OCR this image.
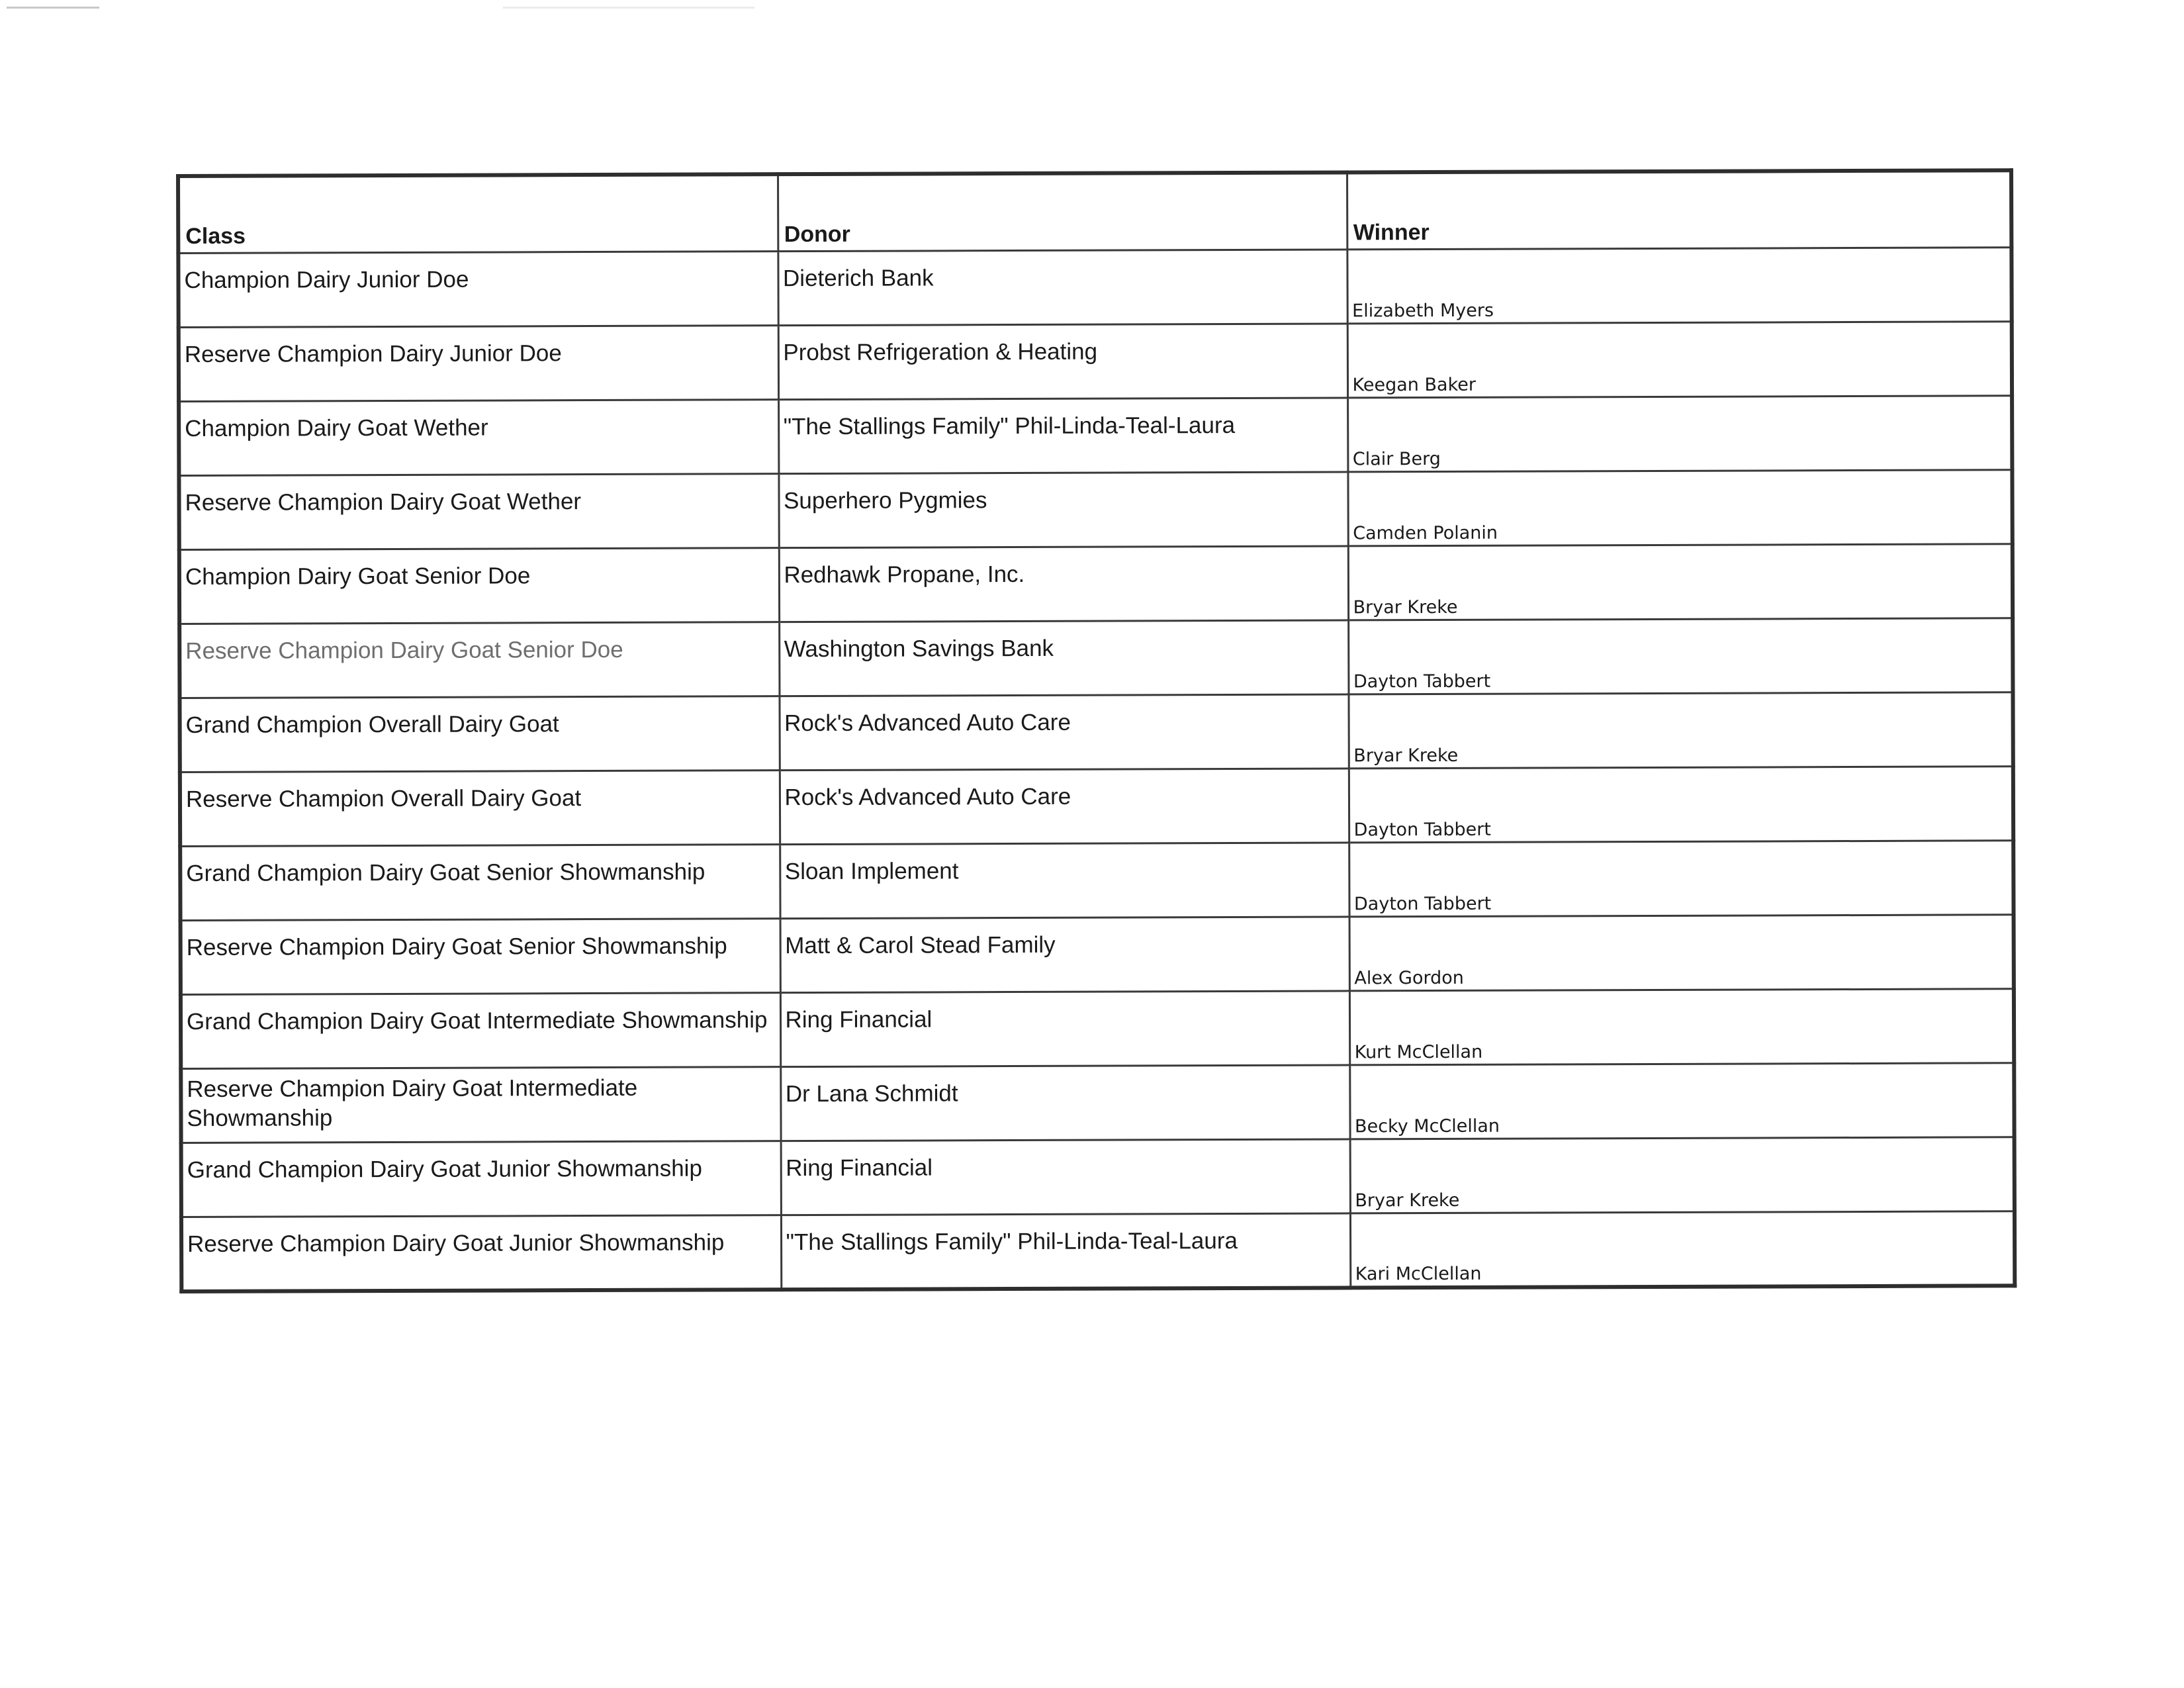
Class	Donor	Winner
Champion Dairy Junior Doe	Dieterich Bank	Elizabeth Myers
Reserve Champion Dairy Junior Doe	Probst Refrigeration & Heating	Keegan Baker
Champion Dairy Goat Wether	"The Stallings Family" Phil-Linda-Teal-Laura	Clair Berg
Reserve Champion Dairy Goat Wether	Superhero Pygmies	Camden Polanin
Champion Dairy Goat Senior Doe	Redhawk Propane, Inc.	Bryar Kreke
Reserve Champion Dairy Goat Senior Doe	Washington Savings Bank	Dayton Tabbert
Grand Champion Overall Dairy Goat	Rock's Advanced Auto Care	Bryar Kreke
Reserve Champion Overall Dairy Goat	Rock's Advanced Auto Care	Dayton Tabbert
Grand Champion Dairy Goat Senior Showmanship	Sloan Implement	Dayton Tabbert
Reserve Champion Dairy Goat Senior Showmanship	Matt & Carol Stead Family	Alex Gordon
Grand Champion Dairy Goat Intermediate Showmanship	Ring Financial	Kurt McClellan
Reserve Champion Dairy Goat Intermediate Showmanship	Dr Lana Schmidt	Becky McClellan
Grand Champion Dairy Goat Junior Showmanship	Ring Financial	Bryar Kreke
Reserve Champion Dairy Goat Junior Showmanship	"The Stallings Family" Phil-Linda-Teal-Laura	Kari McClellan
